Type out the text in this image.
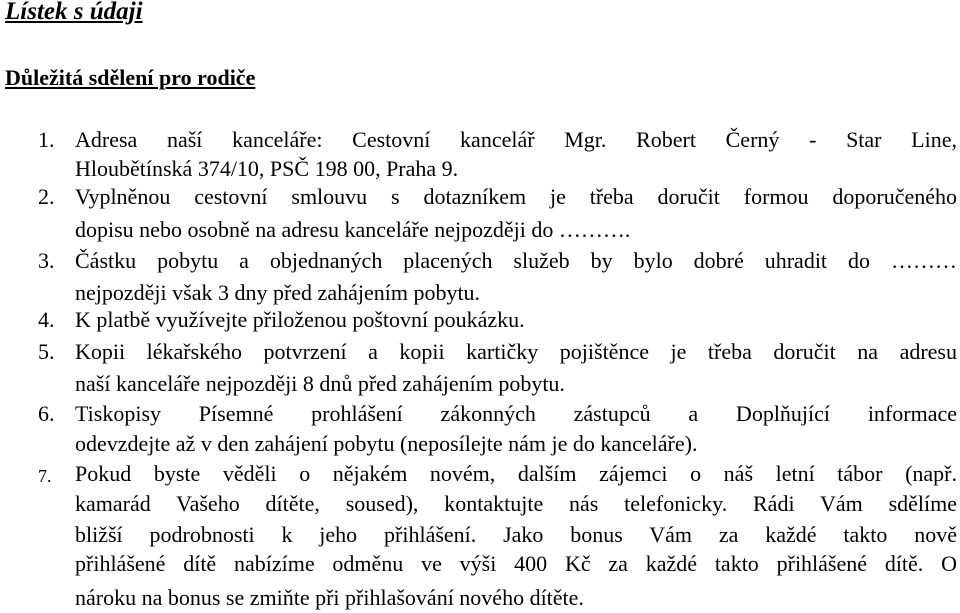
Lístek s údaji
Důležitá sdělení pro rodiče
1. Adresa naší kanceláře: Cestovní kancelář Mgr. Robert Černý - Star Line,
Hloubětínská 374/10, PSČ 198 00, Praha 9.
2. Vyplněnou cestovní smlouvu s dotazníkem je třeba doručit formou doporučeného
dopisu nebo osobně na adresu kanceláře nejpozději do ……….
3. Částku pobytu a objednaných placených služeb by bylo dobré uhradit do ………
nejpozději však 3 dny před zahájením pobytu.
4. K platbě využívejte přiloženou poštovní poukázku.
5. Kopii lékařského potvrzení a kopii kartičky pojištěnce je třeba doručit na adresu
naší kanceláře nejpozději 8 dnů před zahájením pobytu.
6. Tiskopisy Písemné prohlášení zákonných zástupců a Doplňující informace
odevzdejte až v den zahájení pobytu (neposílejte nám je do kanceláře).
7.	Pokud byste věděli o nějakém novém, dalším zájemci o náš letní tábor (např.
kamarád Vašeho dítěte, soused), kontaktujte nás telefonicky. Rádi Vám sdělíme
bližší podrobnosti k jeho přihlášení. Jako bonus Vám za každé takto nově
přihlášené dítě nabízíme odměnu ve výši 400 Kč za každé takto přihlášené dítě. O
nároku na bonus se zmiňte při přihlašování nového dítěte.
